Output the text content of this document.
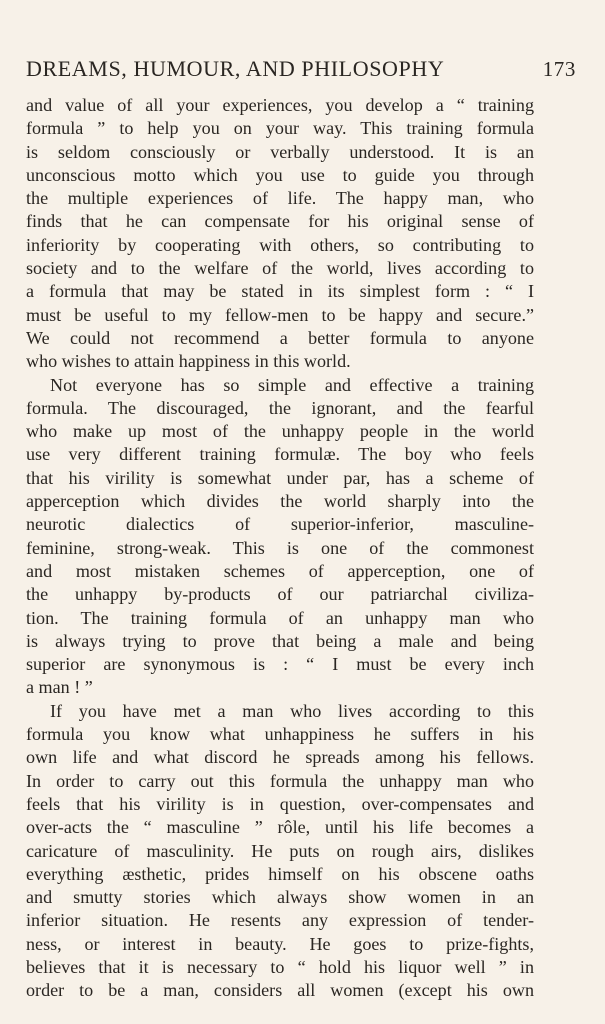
DREAMS, HUMOUR, AND PHILOSOPHY	173
and value of all your experiences, you develop a “ training
formula ” to help you on your way. This training formula
is seldom consciously or verbally understood. It is an
unconscious motto which you use to guide you through
the multiple experiences of life. The happy man, who
finds that he can compensate for his original sense of
inferiority by cooperating with others, so contributing to
society and to the welfare of the world, lives according to
a formula that may be stated in its simplest form : “ I
must be useful to my fellow-men to be happy and secure.”
We could not recommend a better formula to anyone
who wishes to attain happiness in this world.
Not everyone has so simple and effective a training
formula. The discouraged, the ignorant, and the fearful
who make up most of the unhappy people in the world
use very different training formulæ. The boy who feels
that his virility is somewhat under par, has a scheme of
apperception which divides the world sharply into the
neurotic dialectics of superior-inferior, masculine-
feminine, strong-weak. This is one of the commonest
and most mistaken schemes of apperception, one of
the unhappy by-products of our patriarchal civiliza-
tion. The training formula of an unhappy man who
is always trying to prove that being a male and being
superior are synonymous is : “ I must be every inch
a man ! ”
If you have met a man who lives according to this
formula you know what unhappiness he suffers in his
own life and what discord he spreads among his fellows.
In order to carry out this formula the unhappy man who
feels that his virility is in question, over-compensates and
over-acts the “ masculine ” rôle, until his life becomes a
caricature of masculinity. He puts on rough airs, dislikes
everything æsthetic, prides himself on his obscene oaths
and smutty stories which always show women in an
inferior situation. He resents any expression of tender-
ness, or interest in beauty. He goes to prize-fights,
believes that it is necessary to “ hold his liquor well ” in
order to be a man, considers all women (except his own
